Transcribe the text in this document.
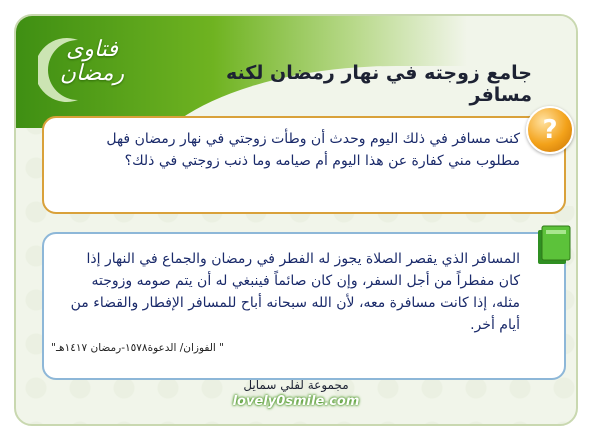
فتاوى رمضان	جامع زوجته في نهار رمضان لكنه مسافر
?
كنت مسافر في ذلك اليوم وحدث أن وطأت زوجتي في نهار رمضان فهل مطلوب مني كفارة عن هذا اليوم أم صيامه وما ذنب زوجتي في ذلك؟
المسافر الذي يقصر الصلاة يجوز له الفطر في رمضان والجماع في النهار إذا كان مفطراً من أجل السفر، وإن كان صائماً فينبغي له أن يتم صومه وزوجته مثله، إذا كانت مسافرة معه، لأن الله سبحانه أباح للمسافر الإفطار والقضاء من أيام أخر.
" الفوزان/ الدعوة١٥٧٨-رمضان ١٤١٧هـ"
مجموعة لفلي سمايل
lovely0smile.com
